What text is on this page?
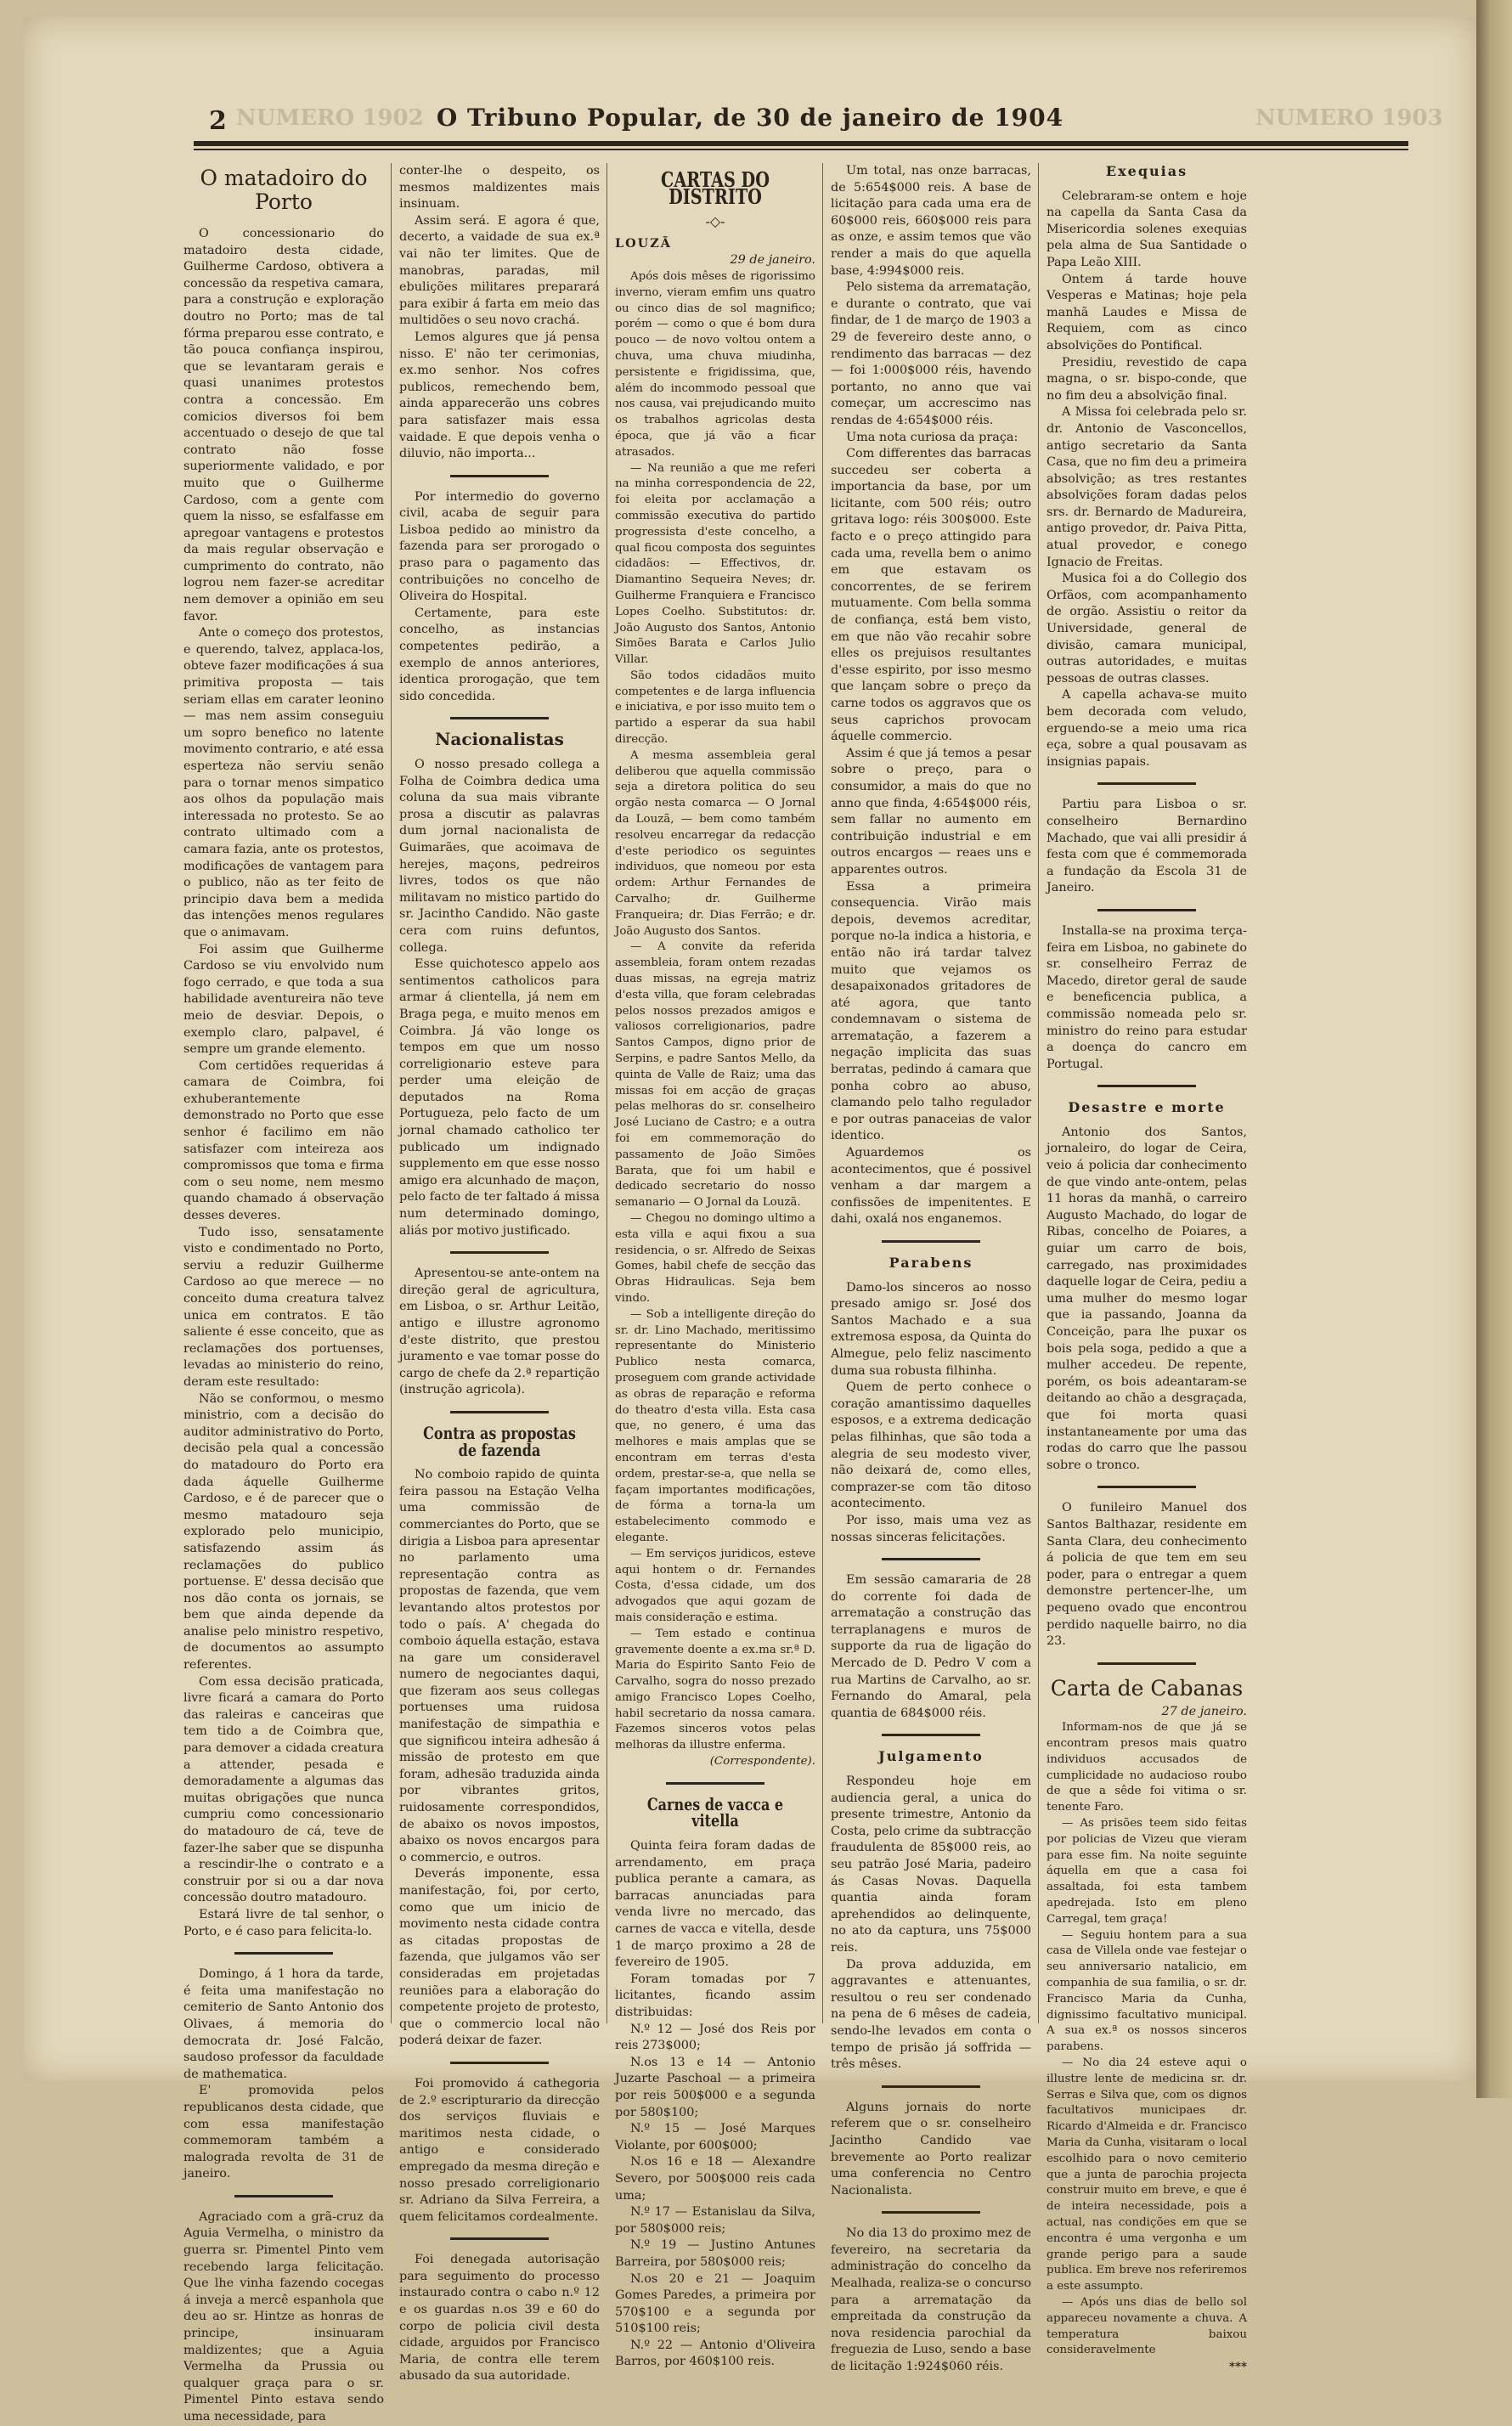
NUMERO 1902	NUMERO 1903
2	O Tribuno Popular, de 30 de janeiro de 1904
O matadoiro do Porto

O concessionario do matadoiro desta cidade, Guilherme Cardoso, obtivera a concessão da respetiva camara, para a construção e exploração doutro no Porto; mas de tal fórma preparou esse contrato, e tão pouca confiança inspirou, que se levantaram gerais e quasi unanimes protestos contra a concessão. Em comicios diversos foi bem accentuado o desejo de que tal contrato não fosse superiormente validado, e por muito que o Guilherme Cardoso, com a gente com quem la nisso, se esfalfasse em apregoar vantagens e protestos da mais regular observação e cumprimento do contrato, não logrou nem fazer-se acreditar nem demover a opinião em seu favor.

Ante o começo dos protestos, e querendo, talvez, applaca-los, obteve fazer modificações á sua primitiva proposta — tais seriam ellas em carater leonino — mas nem assim conseguiu um sopro benefico no latente movimento contrario, e até essa esperteza não serviu senão para o tornar menos simpatico aos olhos da população mais interessada no protesto. Se ao contrato ultimado com a camara fazia, ante os protestos, modificações de vantagem para o publico, não as ter feito de principio dava bem a medida das intenções menos regulares que o animavam.

Foi assim que Guilherme Cardoso se viu envolvido num fogo cerrado, e que toda a sua habilidade aventureira não teve meio de desviar. Depois, o exemplo claro, palpavel, é sempre um grande elemento.

Com certidões requeridas á camara de Coimbra, foi exhuberantemente demonstrado no Porto que esse senhor é facilimo em não satisfazer com inteireza aos compromissos que toma e firma com o seu nome, nem mesmo quando chamado á observação desses deveres.

Tudo isso, sensatamente visto e condimentado no Porto, serviu a reduzir Guilherme Cardoso ao que merece — no conceito duma creatura talvez unica em contratos. E tão saliente é esse conceito, que as reclamações dos portuenses, levadas ao ministerio do reino, deram este resultado:

Não se conformou, o mesmo ministrio, com a decisão do auditor administrativo do Porto, decisão pela qual a concessão do matadouro do Porto era dada áquelle Guilherme Cardoso, e é de parecer que o mesmo matadouro seja explorado pelo municipio, satisfazendo assim ás reclamações do publico portuense. E' dessa decisão que nos dão conta os jornais, se bem que ainda depende da analise pelo ministro respetivo, de documentos ao assumpto referentes.

Com essa decisão praticada, livre ficará a camara do Porto das raleiras e canceiras que tem tido a de Coimbra que, para demover a cidada creatura a attender, pesada e demoradamente a algumas das muitas obrigações que nunca cumpriu como concessionario do matadouro de cá, teve de fazer-lhe saber que se dispunha a rescindir-lhe o contrato e a construir por si ou a dar nova concessão doutro matadouro.

Estará livre de tal senhor, o Porto, e é caso para felicita-lo.

Domingo, á 1 hora da tarde, é feita uma manifestação no cemiterio de Santo Antonio dos Olivaes, á memoria do democrata dr. José Falcão, saudoso professor da faculdade de mathematica.

E' promovida pelos republicanos desta cidade, que com essa manifestação commemoram também a malograda revolta de 31 de janeiro.

Agraciado com a grã-cruz da Aguia Vermelha, o ministro da guerra sr. Pimentel Pinto vem recebendo larga felicitação. Que lhe vinha fazendo cocegas á inveja a mercê espanhola que deu ao sr. Hintze as honras de principe, insinuaram maldizentes; que a Aguia Vermelha da Prussia ou qualquer graça para o sr. Pimentel Pinto estava sendo uma necessidade, para

conter-lhe o despeito, os mesmos maldizentes mais insinuam.

Assim será. E agora é que, decerto, a vaidade de sua ex.ª vai não ter limites. Que de manobras, paradas, mil ebulições militares preparará para exibir á farta em meio das multidões o seu novo crachá.

Lemos algures que já pensa nisso. E' não ter cerimonias, ex.mo senhor. Nos cofres publicos, remechendo bem, ainda apparecerão uns cobres para satisfazer mais essa vaidade. E que depois venha o diluvio, não importa...

Por intermedio do governo civil, acaba de seguir para Lisboa pedido ao ministro da fazenda para ser prorogado o praso para o pagamento das contribuições no concelho de Oliveira do Hospital.

Certamente, para este concelho, as instancias competentes pedirão, a exemplo de annos anteriores, identica prorogação, que tem sido concedida.

Nacionalistas

O nosso presado collega a Folha de Coimbra dedica uma coluna da sua mais vibrante prosa a discutir as palavras dum jornal nacionalista de Guimarães, que acoimava de herejes, maçons, pedreiros livres, todos os que não militavam no mistico partido do sr. Jacintho Candido. Não gaste cera com ruins defuntos, collega.

Esse quichotesco appelo aos sentimentos catholicos para armar á clientella, já nem em Braga pega, e muito menos em Coimbra. Já vão longe os tempos em que um nosso correligionario esteve para perder uma eleição de deputados na Roma Portugueza, pelo facto de um jornal chamado catholico ter publicado um indignado supplemento em que esse nosso amigo era alcunhado de maçon, pelo facto de ter faltado á missa num determinado domingo, aliás por motivo justificado.

Apresentou-se ante-ontem na direção geral de agricultura, em Lisboa, o sr. Arthur Leitão, antigo e illustre agronomo d'este distrito, que prestou juramento e vae tomar posse do cargo de chefe da 2.ª repartição (instrução agricola).

Contra as propostas de fazenda

No comboio rapido de quinta feira passou na Estação Velha uma commissão de commerciantes do Porto, que se dirigia a Lisboa para apresentar no parlamento uma representação contra as propostas de fazenda, que vem levantando altos protestos por todo o país. A' chegada do comboio áquella estação, estava na gare um consideravel numero de negociantes daqui, que fizeram aos seus collegas portuenses uma ruidosa manifestação de simpathia e que significou inteira adhesão á missão de protesto em que foram, adhesão traduzida ainda por vibrantes gritos, ruidosamente correspondidos, de abaixo os novos impostos, abaixo os novos encargos para o commercio, e outros.

Deverás imponente, essa manifestação, foi, por certo, como que um inicio de movimento nesta cidade contra as citadas propostas de fazenda, que julgamos vão ser consideradas em projetadas reuniões para a elaboração do competente projeto de protesto, que o commercio local não poderá deixar de fazer.

Foi promovido á cathegoria de 2.º escripturario da direcção dos serviços fluviais e maritimos nesta cidade, o antigo e considerado empregado da mesma direção e nosso presado correligionario sr. Adriano da Silva Ferreira, a quem felicitamos cordealmente.

Foi denegada autorisação para seguimento do processo instaurado contra o cabo n.º 12 e os guardas n.os 39 e 60 do corpo de policia civil desta cidade, arguidos por Francisco Maria, de contra elle terem abusado da sua autoridade.

CARTAS DO DISTRITO
-◇-
LOUZÃ
29 de janeiro.

Após dois mêses de rigorissimo inverno, vieram emfim uns quatro ou cinco dias de sol magnifico; porém — como o que é bom dura pouco — de novo voltou ontem a chuva, uma chuva miudinha, persistente e frigidissima, que, além do incommodo pessoal que nos causa, vai prejudicando muito os trabalhos agricolas desta época, que já vão a ficar atrasados.

— Na reunião a que me referi na minha correspondencia de 22, foi eleita por acclamação a commissão executiva do partido progressista d'este concelho, a qual ficou composta dos seguintes cidadãos: — Effectivos, dr. Diamantino Sequeira Neves; dr. Guilherme Franquiera e Francisco Lopes Coelho. Substitutos: dr. João Augusto dos Santos, Antonio Simões Barata e Carlos Julio Villar.

São todos cidadãos muito competentes e de larga influencia e iniciativa, e por isso muito tem o partido a esperar da sua habil direcção.

A mesma assembleia geral deliberou que aquella commissão seja a diretora politica do seu orgão nesta comarca — O Jornal da Louzã, — bem como também resolveu encarregar da redacção d'este periodico os seguintes individuos, que nomeou por esta ordem: Arthur Fernandes de Carvalho; dr. Guilherme Franqueira; dr. Dias Ferrão; e dr. João Augusto dos Santos.

— A convite da referida assembleia, foram ontem rezadas duas missas, na egreja matriz d'esta villa, que foram celebradas pelos nossos prezados amigos e valiosos correligionarios, padre Santos Campos, digno prior de Serpins, e padre Santos Mello, da quinta de Valle de Raiz; uma das missas foi em acção de graças pelas melhoras do sr. conselheiro José Luciano de Castro; e a outra foi em commemoração do passamento de João Simões Barata, que foi um habil e dedicado secretario do nosso semanario — O Jornal da Louzã.

— Chegou no domingo ultimo a esta villa e aqui fixou a sua residencia, o sr. Alfredo de Seixas Gomes, habil chefe de secção das Obras Hidraulicas. Seja bem vindo.

— Sob a intelligente direção do sr. dr. Lino Machado, meritissimo representante do Ministerio Publico nesta comarca, proseguem com grande actividade as obras de reparação e reforma do theatro d'esta villa. Esta casa que, no genero, é uma das melhores e mais amplas que se encontram em terras d'esta ordem, prestar-se-a, que nella se façam importantes modificações, de fórma a torna-la um estabelecimento commodo e elegante.

— Em serviços juridicos, esteve aqui hontem o dr. Fernandes Costa, d'essa cidade, um dos advogados que aqui gozam de mais consideração e estima.

— Tem estado e continua gravemente doente a ex.ma sr.ª D. Maria do Espirito Santo Feio de Carvalho, sogra do nosso prezado amigo Francisco Lopes Coelho, habil secretario da nossa camara. Fazemos sinceros votos pelas melhoras da illustre enferma.

(Correspondente).
Carnes de vacca e vitella

Quinta feira foram dadas de arrendamento, em praça publica perante a camara, as barracas anunciadas para venda livre no mercado, das carnes de vacca e vitella, desde 1 de março proximo a 28 de fevereiro de 1905.

Foram tomadas por 7 licitantes, ficando assim distribuidas:

N.º 12 — José dos Reis por reis 273$000;

N.os 13 e 14 — Antonio Juzarte Paschoal — a primeira por reis 500$000 e a segunda por 580$100;

N.º 15 — José Marques Violante, por 600$000;

N.os 16 e 18 — Alexandre Severo, por 500$000 reis cada uma;

N.º 17 — Estanislau da Silva, por 580$000 reis;

N.º 19 — Justino Antunes Barreira, por 580$000 reis;

N.os 20 e 21 — Joaquim Gomes Paredes, a primeira por 570$100 e a segunda por 510$100 reis;

N.º 22 — Antonio d'Oliveira Barros, por 460$100 reis.

Um total, nas onze barracas, de 5:654$000 reis. A base de licitação para cada uma era de 60$000 reis, 660$000 reis para as onze, e assim temos que vão render a mais do que aquella base, 4:994$000 reis.

Pelo sistema da arrematação, e durante o contrato, que vai findar, de 1 de março de 1903 a 29 de fevereiro deste anno, o rendimento das barracas — dez — foi 1:000$000 réis, havendo portanto, no anno que vai começar, um accrescimo nas rendas de 4:654$000 réis.

Uma nota curiosa da praça:

Com differentes das barracas succedeu ser coberta a importancia da base, por um licitante, com 500 réis; outro gritava logo: réis 300$000. Este facto e o preço attingido para cada uma, revella bem o animo em que estavam os concorrentes, de se ferirem mutuamente. Com bella somma de confiança, está bem visto, em que não vão recahir sobre elles os prejuisos resultantes d'esse espirito, por isso mesmo que lançam sobre o preço da carne todos os aggravos que os seus caprichos provocam áquelle commercio.

Assim é que já temos a pesar sobre o preço, para o consumidor, a mais do que no anno que finda, 4:654$000 réis, sem fallar no aumento em contribuição industrial e em outros encargos — reaes uns e apparentes outros.

Essa a primeira consequencia. Virão mais depois, devemos acreditar, porque no-la indica a historia, e então não irá tardar talvez muito que vejamos os desapaixonados gritadores de até agora, que tanto condemnavam o sistema de arrematação, a fazerem a negação implicita das suas berratas, pedindo á camara que ponha cobro ao abuso, clamando pelo talho regulador e por outras panaceias de valor identico.

Aguardemos os acontecimentos, que é possivel venham a dar margem a confissões de impenitentes. E dahi, oxalá nos enganemos.

Parabens

Damo-los sinceros ao nosso presado amigo sr. José dos Santos Machado e a sua extremosa esposa, da Quinta do Almegue, pelo feliz nascimento duma sua robusta filhinha.

Quem de perto conhece o coração amantissimo daquelles esposos, e a extrema dedicação pelas filhinhas, que são toda a alegria de seu modesto viver, não deixará de, como elles, comprazer-se com tão ditoso acontecimento.

Por isso, mais uma vez as nossas sinceras felicitações.

Em sessão camararia de 28 do corrente foi dada de arrematação a construção das terraplanagens e muros de supporte da rua de ligação do Mercado de D. Pedro V com a rua Martins de Carvalho, ao sr. Fernando do Amaral, pela quantia de 684$000 réis.

Julgamento

Respondeu hoje em audiencia geral, a unica do presente trimestre, Antonio da Costa, pelo crime da subtracção fraudulenta de 85$000 reis, ao seu patrão José Maria, padeiro ás Casas Novas. Daquella quantia ainda foram aprehendidos ao delinquente, no ato da captura, uns 75$000 reis.

Da prova adduzida, em aggravantes e attenuantes, resultou o reu ser condenado na pena de 6 mêses de cadeia, sendo-lhe levados em conta o tempo de prisão já soffrida — três mêses.

Alguns jornais do norte referem que o sr. conselheiro Jacintho Candido vae brevemente ao Porto realizar uma conferencia no Centro Nacionalista.

No dia 13 do proximo mez de fevereiro, na secretaria da administração do concelho da Mealhada, realiza-se o concurso para a arrematação da empreitada da construção da nova residencia parochial da freguezia de Luso, sendo a base de licitação 1:924$060 réis.

Exequias

Celebraram-se ontem e hoje na capella da Santa Casa da Misericordia solenes exequias pela alma de Sua Santidade o Papa Leão XIII.

Ontem á tarde houve Vesperas e Matinas; hoje pela manhã Laudes e Missa de Requiem, com as cinco absolvições do Pontifical.

Presidiu, revestido de capa magna, o sr. bispo-conde, que no fim deu a absolvição final.

A Missa foi celebrada pelo sr. dr. Antonio de Vasconcellos, antigo secretario da Santa Casa, que no fim deu a primeira absolvição; as tres restantes absolvições foram dadas pelos srs. dr. Bernardo de Madureira, antigo provedor, dr. Paiva Pitta, atual provedor, e conego Ignacio de Freitas.

Musica foi a do Collegio dos Orfãos, com acompanhamento de orgão. Assistiu o reitor da Universidade, general de divisão, camara municipal, outras autoridades, e muitas pessoas de outras classes.

A capella achava-se muito bem decorada com veludo, erguendo-se a meio uma rica eça, sobre a qual pousavam as insignias papais.

Partiu para Lisboa o sr. conselheiro Bernardino Machado, que vai alli presidir á festa com que é commemorada a fundação da Escola 31 de Janeiro.

Installa-se na proxima terça-feira em Lisboa, no gabinete do sr. conselheiro Ferraz de Macedo, diretor geral de saude e beneficencia publica, a commissão nomeada pelo sr. ministro do reino para estudar a doença do cancro em Portugal.

Desastre e morte

Antonio dos Santos, jornaleiro, do logar de Ceira, veio á policia dar conhecimento de que vindo ante-ontem, pelas 11 horas da manhã, o carreiro Augusto Machado, do logar de Ribas, concelho de Poiares, a guiar um carro de bois, carregado, nas proximidades daquelle logar de Ceira, pediu a uma mulher do mesmo logar que ia passando, Joanna da Conceição, para lhe puxar os bois pela soga, pedido a que a mulher accedeu. De repente, porém, os bois adeantaram-se deitando ao chão a desgraçada, que foi morta quasi instantaneamente por uma das rodas do carro que lhe passou sobre o tronco.

O funileiro Manuel dos Santos Balthazar, residente em Santa Clara, deu conhecimento á policia de que tem em seu poder, para o entregar a quem demonstre pertencer-lhe, um pequeno ovado que encontrou perdido naquelle bairro, no dia 23.

Carta de Cabanas
27 de janeiro.

Informam-nos de que já se encontram presos mais quatro individuos accusados de cumplicidade no audacioso roubo de que a sêde foi vitima o sr. tenente Faro.

— As prisões teem sido feitas por policias de Vizeu que vieram para esse fim. Na noite seguinte áquella em que a casa foi assaltada, foi esta tambem apedrejada. Isto em pleno Carregal, tem graça!

— Seguiu hontem para a sua casa de Villela onde vae festejar o seu anniversario natalicio, em companhia de sua familia, o sr. dr. Francisco Maria da Cunha, dignissimo facultativo municipal. A sua ex.ª os nossos sinceros parabens.

— No dia 24 esteve aqui o illustre lente de medicina sr. dr. Serras e Silva que, com os dignos facultativos municipaes dr. Ricardo d'Almeida e dr. Francisco Maria da Cunha, visitaram o local escolhido para o novo cemiterio que a junta de parochia projecta construir muito em breve, e que é de inteira necessidade, pois a actual, nas condições em que se encontra é uma vergonha e um grande perigo para a saude publica. Em breve nos referiremos a este assumpto.

— Após uns dias de bello sol appareceu novamente a chuva. A temperatura baixou consideravelmente

***
